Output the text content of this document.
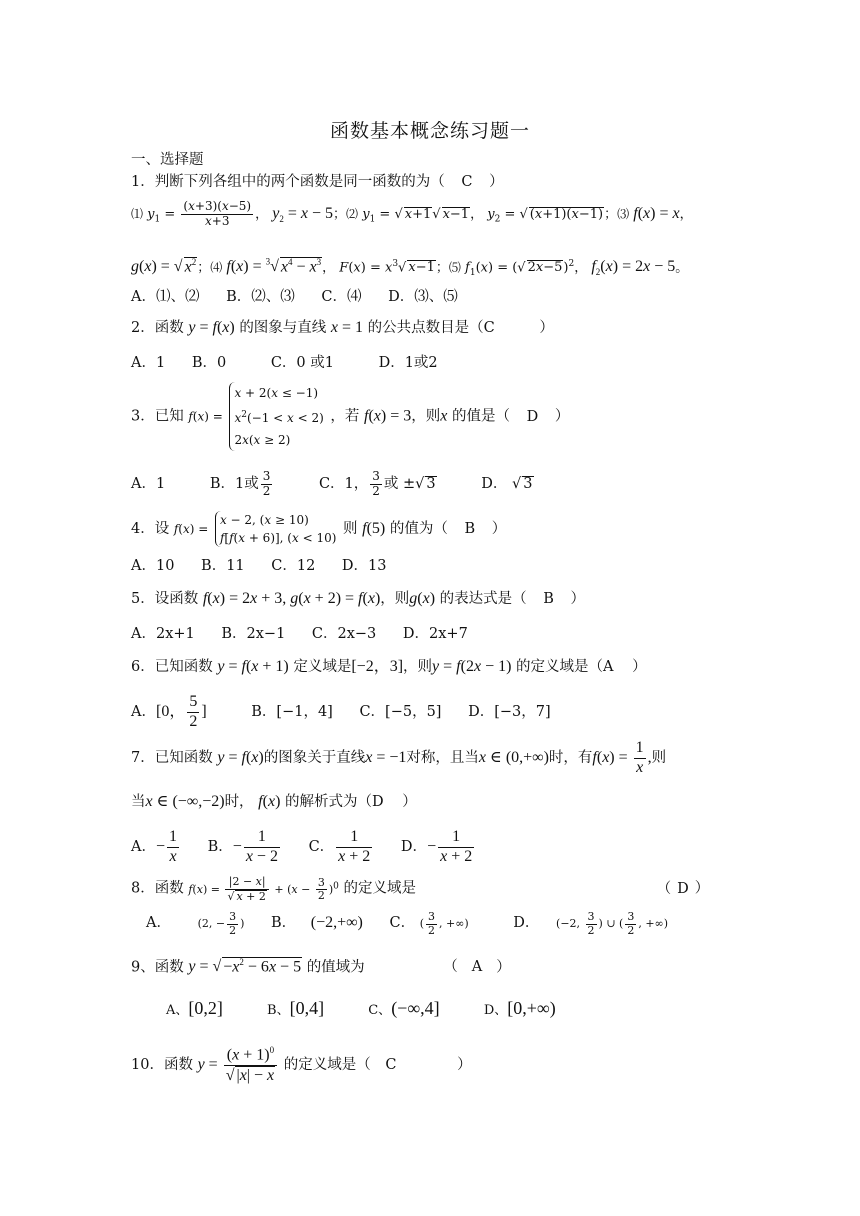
函数基本概念练习题一
一、选择题
1．判断下列各组中的两个函数是同一函数的为（ C ）
⑴ $y_1 = \frac{(x+3)(x-5)}{x+3}$ ， $y_2 = x - 5$；⑵ $y_1$ = √ x+1√ x−1， $y_2$ = √ (x+1)(x−1)；⑶ f(x) = x，
g(x) = √ $x^2$；⑷ f(x) = $^3$√ $x^4 - x^3$， $F(x) = x^3√$ x−1；⑸ $f_1(x)$ = (√ 2x−5)$^2$， $f_2(x) = 2x - 5$。
A．⑴、⑵ B．⑵、⑶ C．⑷ D．⑶、⑸
2．函数 y = f(x) 的图象与直线 x = 1 的公共点数目是（C	）
A．1 B．0	C．0 或1	D．1或2
3．已知 f(x) =
x + 2(x ≤ −1)
$x^2(-1 < x < 2)$
2x(x ≥ 2)
，若 f(x) = 3，则x 的值是（ D ）
A．1	B．1或 $\frac{3}{2}$	C．1， $\frac{3}{2}$ 或 ±√ 3	D． √ 3
4．设 f(x) =
x − 2, (x ≥ 10)
f[f(x + 6)], (x < 10)
则 f(5) 的值为（ B ）
A．10 B．11 C．12 D．13
5．设函数 f(x) = 2x + 3, g(x + 2) = f(x)，则g(x) 的表达式是（ B ）
A．2x+1 B．2x−1 C．2x−3 D．2x+7
6．已知函数 y = f(x + 1) 定义域是[−2，3]，则y = f(2x − 1) 的定义域是（A ）
A．[0， $\frac{5}{2}$ ]	B．[−1，4] C．[−5，5] D．[−3，7]
7．已知函数 y = f(x)的图象关于直线x = −1对称，且当x ∈ (0,+∞)时，有$f(x) = \frac{1}{x}$ ,则
当x ∈ (−∞,−2)时， f(x) 的解析式为（D ）
A．− $\frac{1}{x}$ B．− $\frac{1}{x - 2}$ C． $\frac{1}{x + 2}$ D．− $\frac{1}{x + 2}$
8．函数 $f(x) = \frac{|2 - x|}{√ x + 2} + (x - \frac{3}{2} )^0$ 的定义域是	（ D ）
A． (2, − $\frac{3}{2}$ ) B． (−2,+∞) C． ( $\frac{3}{2}$ , +∞)	D． (−2, $\frac{3}{2}$ ) ∪ ( $\frac{3}{2}$ , +∞)
9、函数 y = √ $-x^2 - 6x - 5$ 的值域为	（ A ）
A、[0,2]	B、[0,4]	C、(−∞,4]	D、[0,+∞)
10．函数 $y = \frac{(x + 1)^0}{√ |x| - x}$ 的定义域是（ C	）
